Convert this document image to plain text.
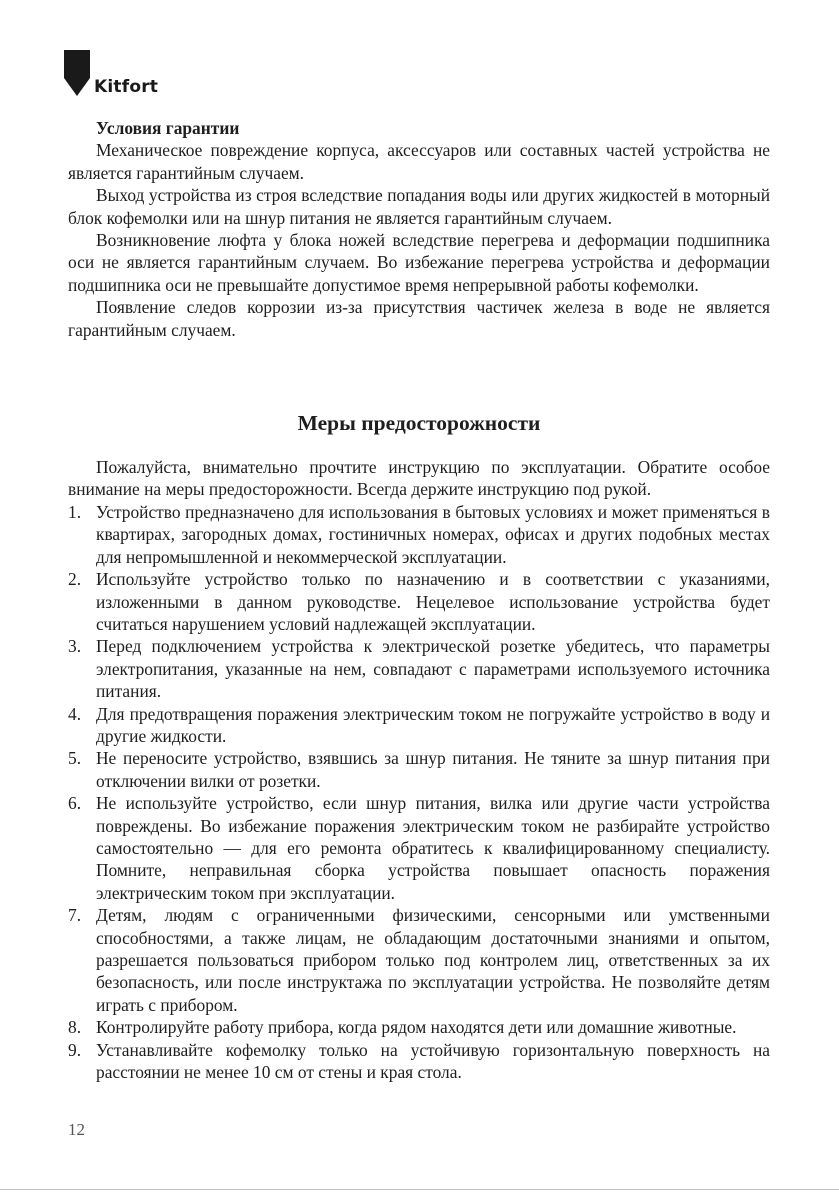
Kitfort
Условия гарантии

Механическое повреждение корпуса, аксессуаров или составных частей устройства не является гарантийным случаем.

Выход устройства из строя вследствие попадания воды или других жидкостей в моторный блок кофемолки или на шнур питания не является гарантийным случаем.

Возникновение люфта у блока ножей вследствие перегрева и деформации подшипника оси не является гарантийным случаем. Во избежание перегрева устройства и деформации подшипника оси не превышайте допустимое время непрерывной работы кофемолки.

Появление следов коррозии из-за присутствия частичек железа в воде не является гарантийным случаем.

Меры предосторожности

Пожалуйста, внимательно прочтите инструкцию по эксплуатации. Обратите особое внимание на меры предосторожности. Всегда держите инструкцию под рукой.

1. Устройство предназначено для использования в бытовых условиях и может применяться в квартирах, загородных домах, гостиничных номерах, офисах и других подобных местах для непромышленной и некоммерческой эксплуатации.
2. Используйте устройство только по назначению и в соответствии с указаниями, изложенными в данном руководстве. Нецелевое использование устройства будет считаться нарушением условий надлежащей эксплуатации.
3. Перед подключением устройства к электрической розетке убедитесь, что параметры электропитания, указанные на нем, совпадают с параметрами используемого источника питания.
4. Для предотвращения поражения электрическим током не погружайте устройство в воду и другие жидкости.
5. Не переносите устройство, взявшись за шнур питания. Не тяните за шнур питания при отключении вилки от розетки.
6. Не используйте устройство, если шнур питания, вилка или другие части устройства повреждены. Во избежание поражения электрическим током не разбирайте устройство самостоятельно — для его ремонта обратитесь к квалифицированному специалисту. Помните, неправильная сборка устройства повышает опасность поражения электрическим током при эксплуатации.
7. Детям, людям с ограниченными физическими, сенсорными или умственными способностями, а также лицам, не обладающим достаточными знаниями и опытом, разрешается пользоваться прибором только под контролем лиц, ответственных за их безопасность, или после инструктажа по эксплуатации устройства. Не позволяйте детям играть с прибором.
8. Контролируйте работу прибора, когда рядом находятся дети или домашние животные.
9. Устанавливайте кофемолку только на устойчивую горизонтальную поверхность на расстоянии не менее 10 см от стены и края стола.
12
